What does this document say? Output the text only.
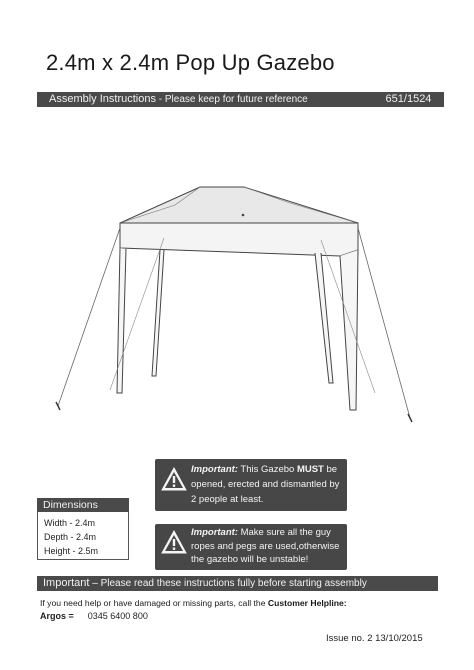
2.4m x 2.4m Pop Up Gazebo
Assembly Instructions - Please keep for future reference	651/1524
Important: This Gazebo MUST be opened, erected and dismantled by 2 people at least.
Dimensions
Width - 2.4m
Depth - 2.4m
Height - 2.5m
Important: Make sure all the guy ropes and pegs are used,otherwise the gazebo will be unstable!
Important – Please read these instructions fully before starting assembly
If you need help or have damaged or missing parts, call the Customer Helpline:
Argos = 0345 6400 800
Issue no. 2 13/10/2015
